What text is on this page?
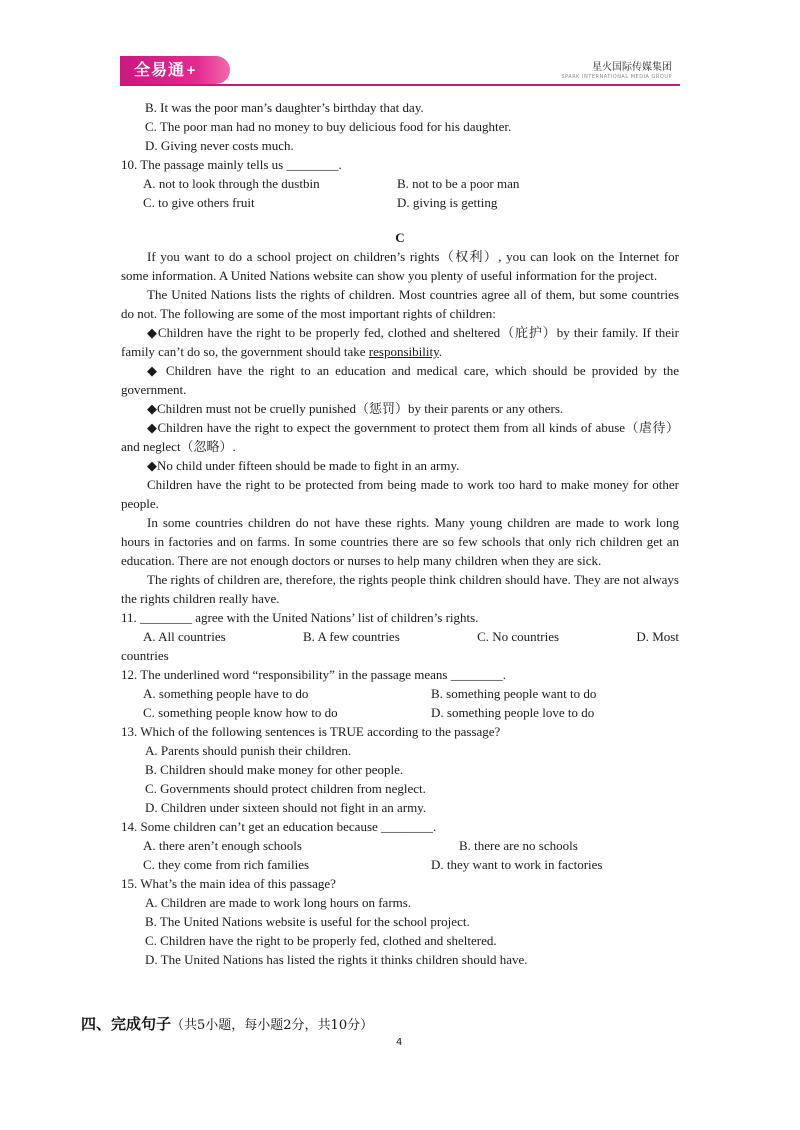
全易通+	星火国际传媒集团
SPARK INTERNATIONAL MEDIA GROUP

B. It was the poor man’s daughter’s birthday that day.

C. The poor man had no money to buy delicious food for his daughter.

D. Giving never costs much.

10. The passage mainly tells us ________.

A. not to look through the dustbin	B. not to be a poor man
C. to give others fruit	D. giving is getting

C

If you want to do a school project on children’s rights（权利）, you can look on the Internet for some information. A United Nations website can show you plenty of useful information for the project.

The United Nations lists the rights of children. Most countries agree all of them, but some countries do not. The following are some of the most important rights of children:

◆Children have the right to be properly fed, clothed and sheltered（庇护）by their family. If their family can’t do so, the government should take responsibility.

◆ Children have the right to an education and medical care, which should be provided by the government.

◆Children must not be cruelly punished（惩罚）by their parents or any others.

◆Children have the right to expect the government to protect them from all kinds of abuse（虐待）and neglect（忽略）.

◆No child under fifteen should be made to fight in an army.

Children have the right to be protected from being made to work too hard to make money for other people.

In some countries children do not have these rights. Many young children are made to work long hours in factories and on farms. In some countries there are so few schools that only rich children get an education. There are not enough doctors or nurses to help many children when they are sick.

The rights of children are, therefore, the rights people think children should have. They are not always the rights children really have.

11. ________ agree with the United Nations’ list of children’s rights.

A. All countries	B. A few countries	C. No countries	D. Most

countries

12. The underlined word “responsibility” in the passage means ________.

A. something people have to do	B. something people want to do
C. something people know how to do	D. something people love to do

13. Which of the following sentences is TRUE according to the passage?

A. Parents should punish their children.

B. Children should make money for other people.

C. Governments should protect children from neglect.

D. Children under sixteen should not fight in an army.

14. Some children can’t get an education because ________.

A. there aren’t enough schools	B. there are no schools
C. they come from rich families	D. they want to work in factories

15. What’s the main idea of this passage?

A. Children are made to work long hours on farms.

B. The United Nations website is useful for the school project.

C. Children have the right to be properly fed, clothed and sheltered.

D. The United Nations has listed the rights it thinks children should have.

四、完成句子（共5小题，每小题2分，共10分）
4
